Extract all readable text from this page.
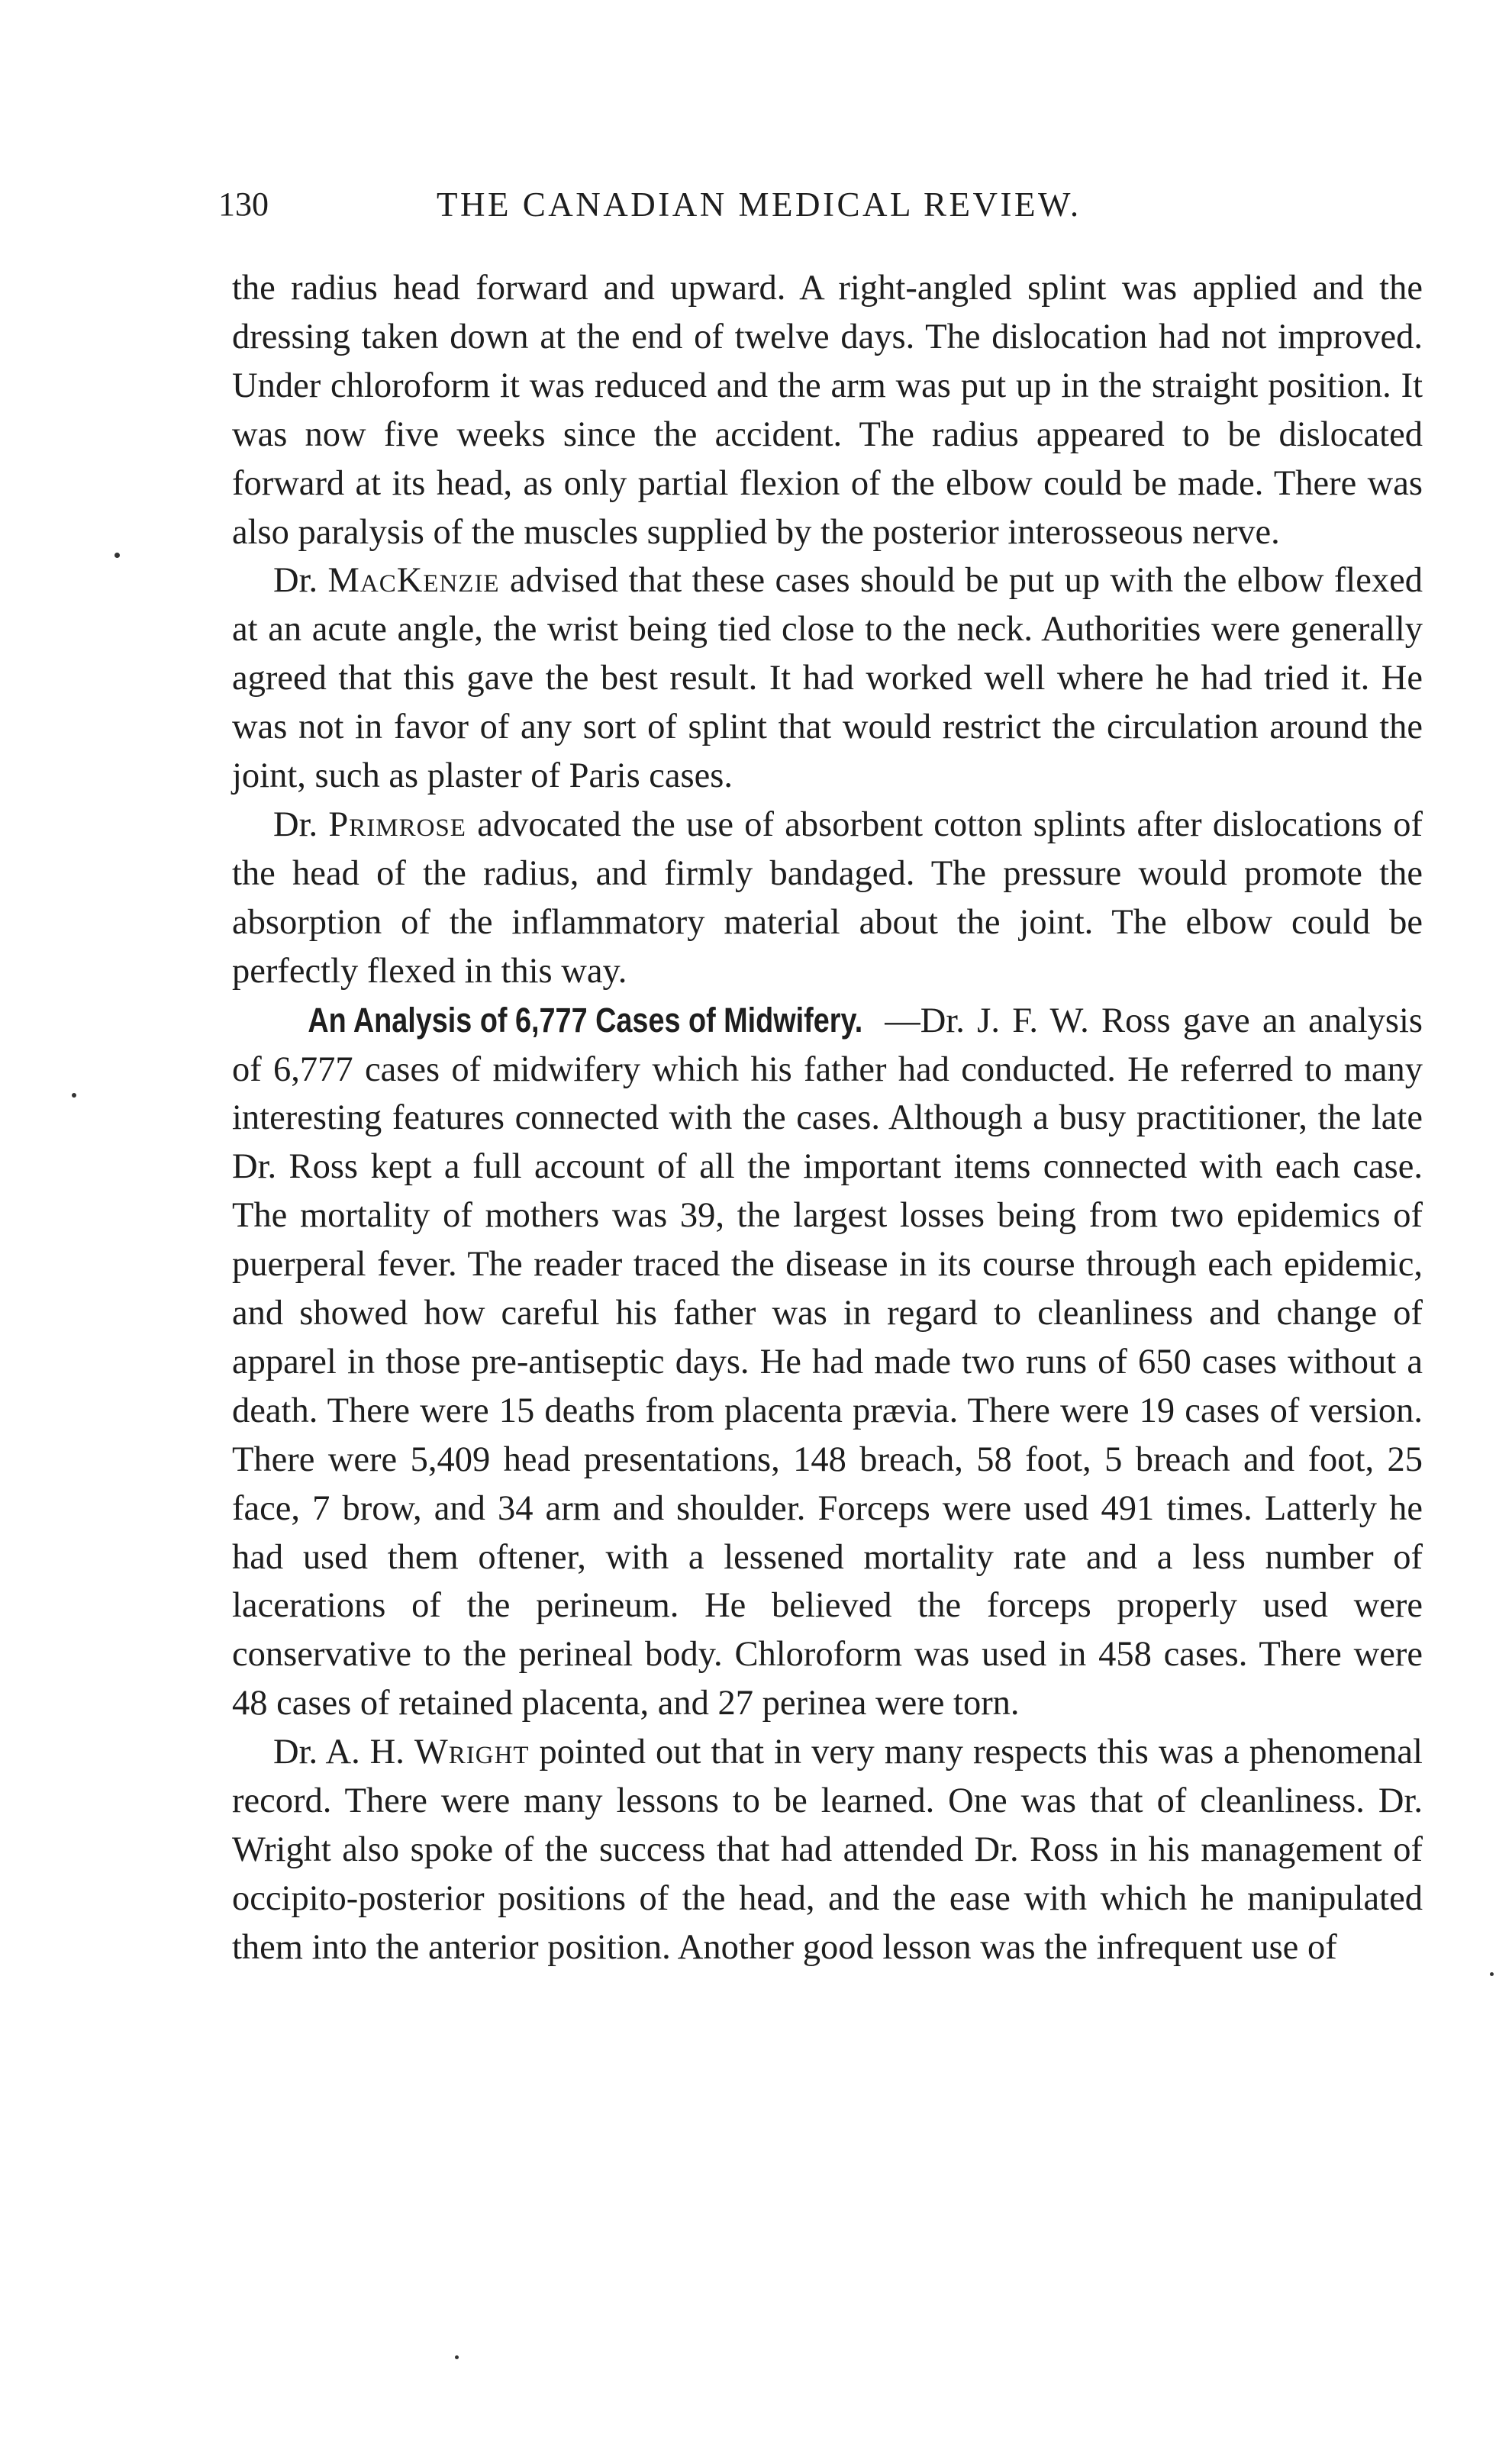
130	THE CANADIAN MEDICAL REVIEW.

the radius head forward and upward. A right-angled splint was applied and the dressing taken down at the end of twelve days. The dislocation had not improved. Under chloroform it was reduced and the arm was put up in the straight position. It was now five weeks since the accident. The radius appeared to be dislocated forward at its head, as only partial flexion of the elbow could be made. There was also paralysis of the muscles supplied by the posterior interosseous nerve.

Dr. MacKenzie advised that these cases should be put up with the elbow flexed at an acute angle, the wrist being tied close to the neck. Authorities were generally agreed that this gave the best result. It had worked well where he had tried it. He was not in favor of any sort of splint that would restrict the circulation around the joint, such as plaster of Paris cases.

Dr. Primrose advocated the use of absorbent cotton splints after dislocations of the head of the radius, and firmly bandaged. The pressure would promote the absorption of the inflammatory material about the joint. The elbow could be perfectly flexed in this way.

An Analysis of 6,777 Cases of Midwifery. —Dr. J. F. W. Ross gave an analysis of 6,777 cases of midwifery which his father had conducted. He referred to many interesting features connected with the cases. Although a busy practitioner, the late Dr. Ross kept a full account of all the important items connected with each case. The mortality of mothers was 39, the largest losses being from two epidemics of puerperal fever. The reader traced the disease in its course through each epidemic, and showed how careful his father was in regard to cleanliness and change of apparel in those pre-antiseptic days. He had made two runs of 650 cases without a death. There were 15 deaths from placenta prævia. There were 19 cases of version. There were 5,409 head presentations, 148 breach, 58 foot, 5 breach and foot, 25 face, 7 brow, and 34 arm and shoulder. Forceps were used 491 times. Latterly he had used them oftener, with a lessened mortality rate and a less number of lacerations of the perineum. He believed the forceps properly used were conservative to the perineal body. Chloroform was used in 458 cases. There were 48 cases of retained placenta, and 27 perinea were torn.

Dr. A. H. Wright pointed out that in very many respects this was a phenomenal record. There were many lessons to be learned. One was that of cleanliness. Dr. Wright also spoke of the success that had attended Dr. Ross in his management of occipito-posterior positions of the head, and the ease with which he manipulated them into the anterior position. Another good lesson was the infrequent use of
